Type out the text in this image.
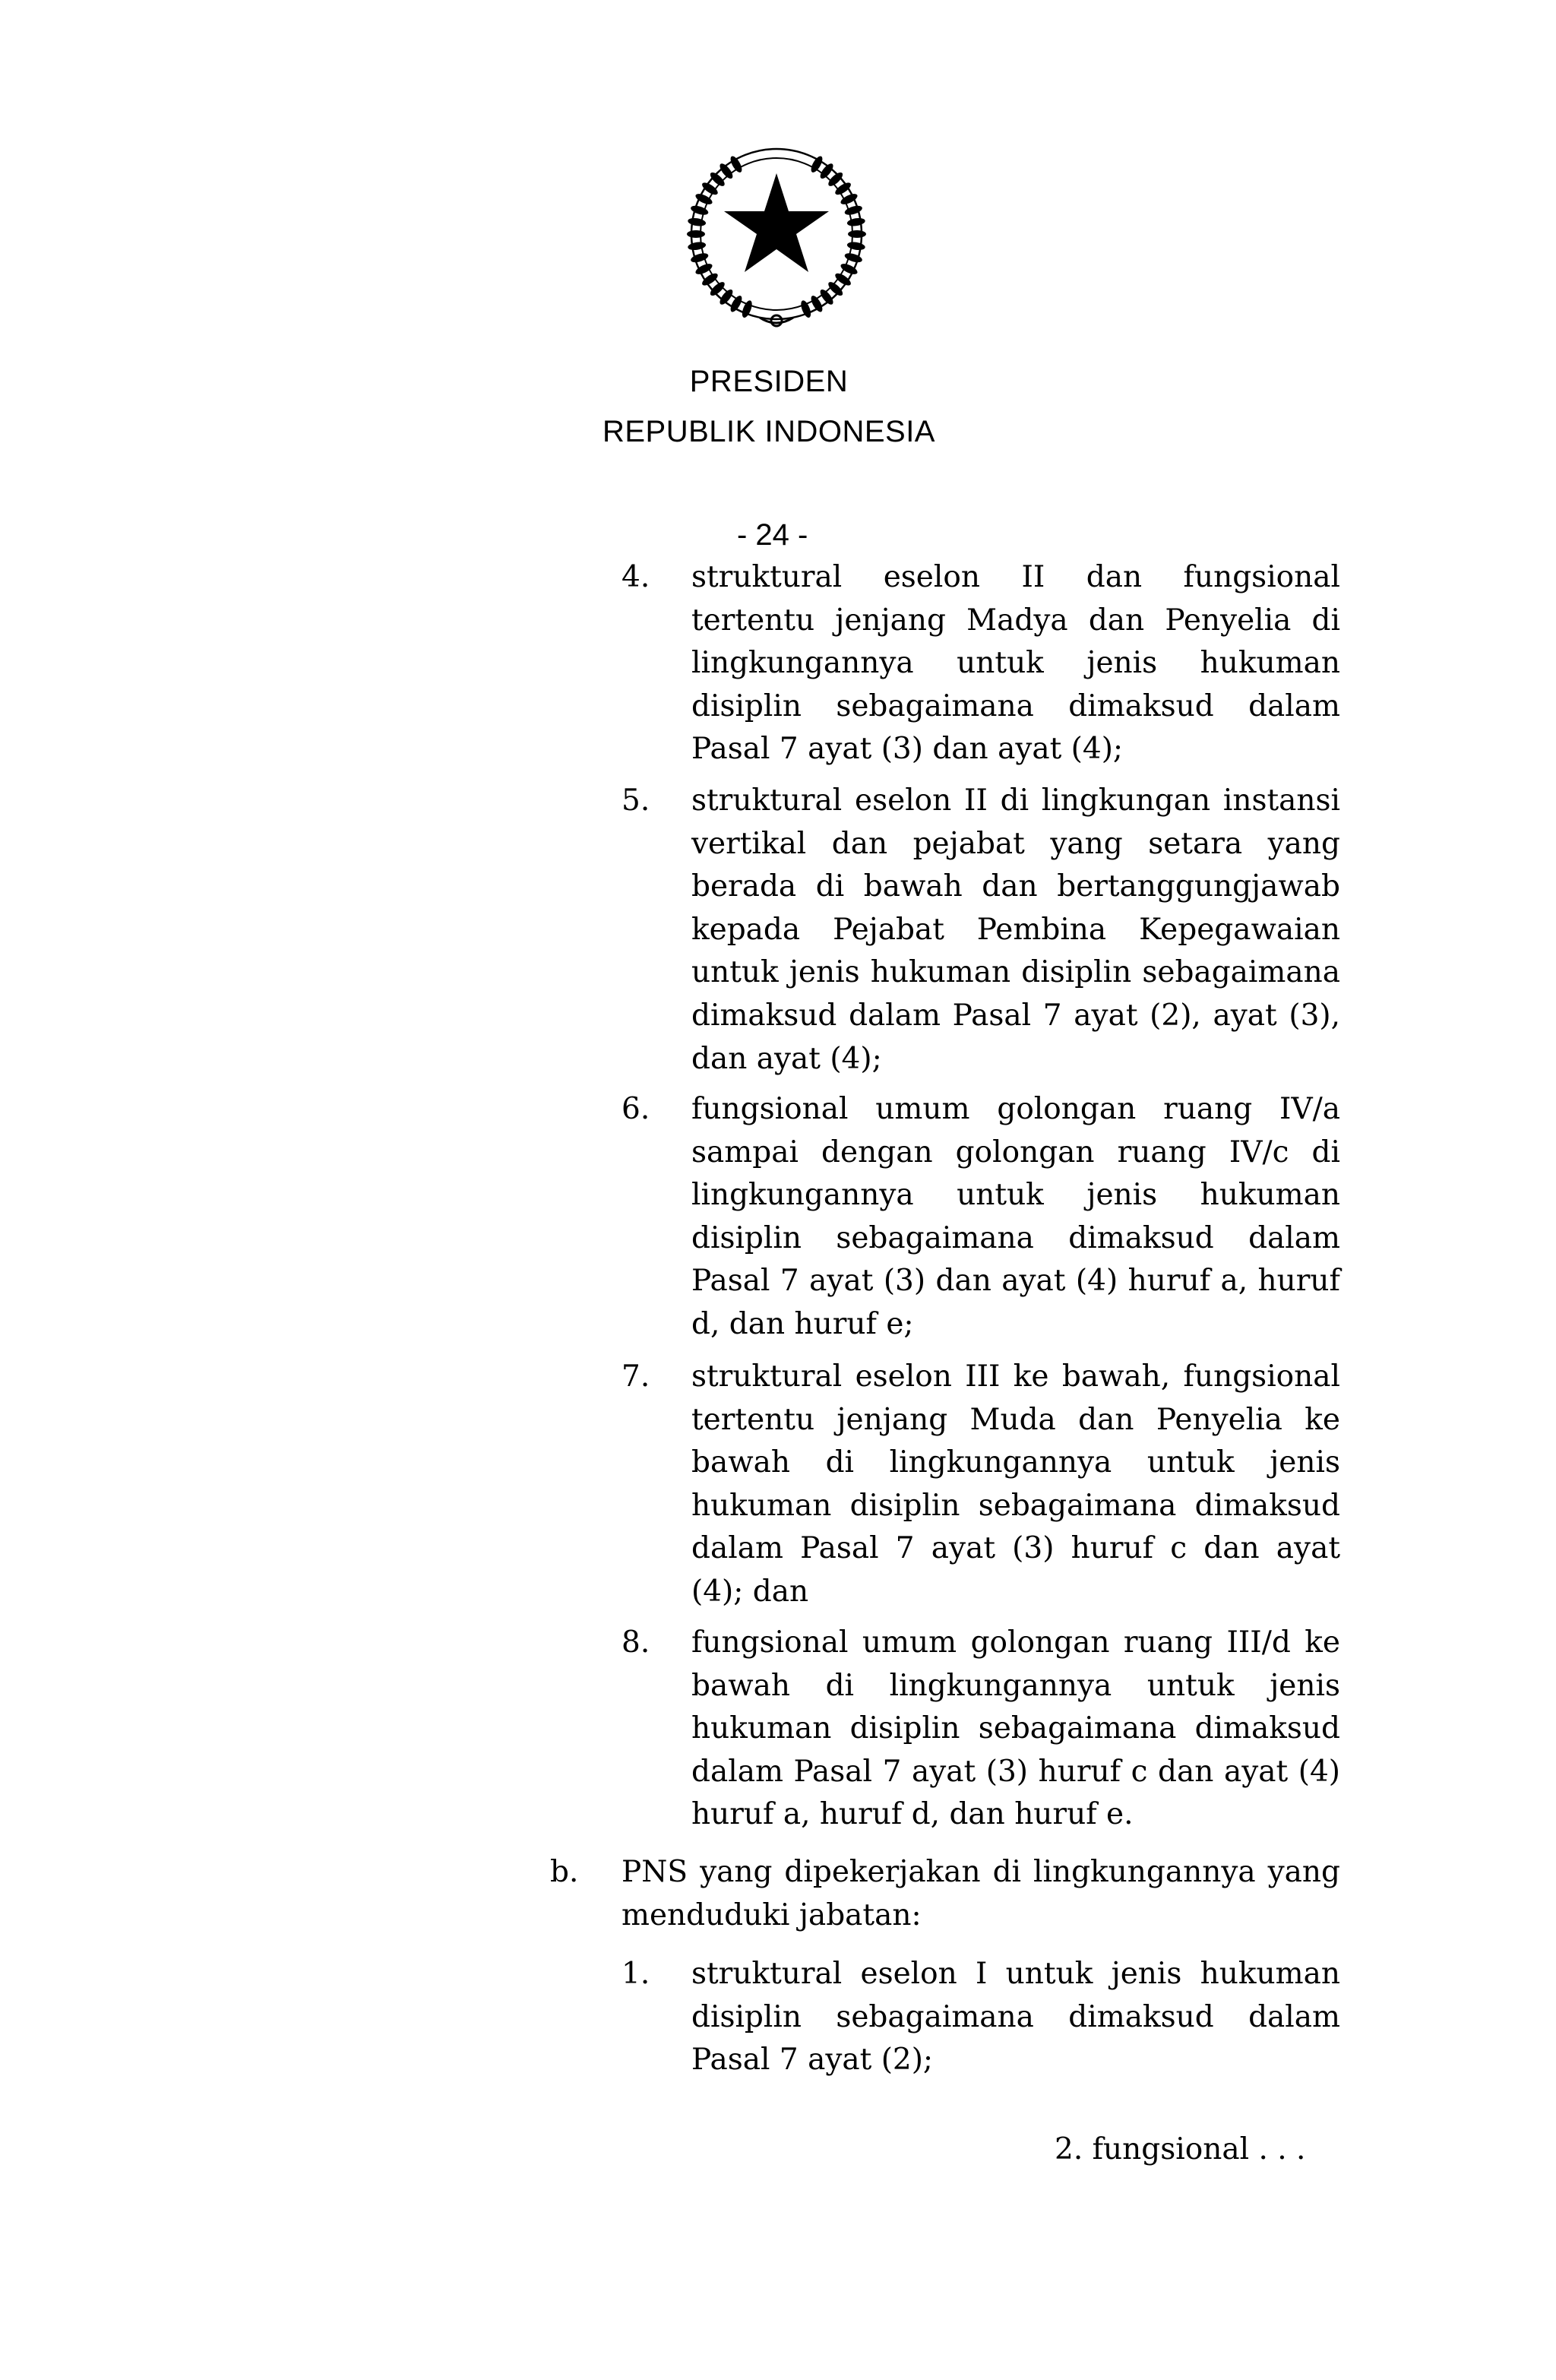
PRESIDEN
REPUBLIK INDONESIA
- 24 -
4. struktural eselon II dan fungsional tertentu jenjang Madya dan Penyelia di lingkungannya untuk jenis hukuman disiplin sebagaimana dimaksud dalam Pasal 7 ayat (3) dan ayat (4);
5. struktural eselon II di lingkungan instansi vertikal dan pejabat yang setara yang berada di bawah dan bertanggungjawab kepada Pejabat Pembina Kepegawaian untuk jenis hukuman disiplin sebagaimana dimaksud dalam Pasal 7 ayat (2), ayat (3), dan ayat (4);
6. fungsional umum golongan ruang IV/a sampai dengan golongan ruang IV/c di lingkungannya untuk jenis hukuman disiplin sebagaimana dimaksud dalam Pasal 7 ayat (3) dan ayat (4) huruf a, huruf d, dan huruf e;
7. struktural eselon III ke bawah, fungsional tertentu jenjang Muda dan Penyelia ke bawah di lingkungannya untuk jenis hukuman disiplin sebagaimana dimaksud dalam Pasal 7 ayat (3) huruf c dan ayat (4); dan
8. fungsional umum golongan ruang III/d ke bawah di lingkungannya untuk jenis hukuman disiplin sebagaimana dimaksud dalam Pasal 7 ayat (3) huruf c dan ayat (4) huruf a, huruf d, dan huruf e.
b. PNS yang dipekerjakan di lingkungannya yang menduduki jabatan:
1. struktural eselon I untuk jenis hukuman disiplin sebagaimana dimaksud dalam Pasal 7 ayat (2);
2. fungsional . . .
